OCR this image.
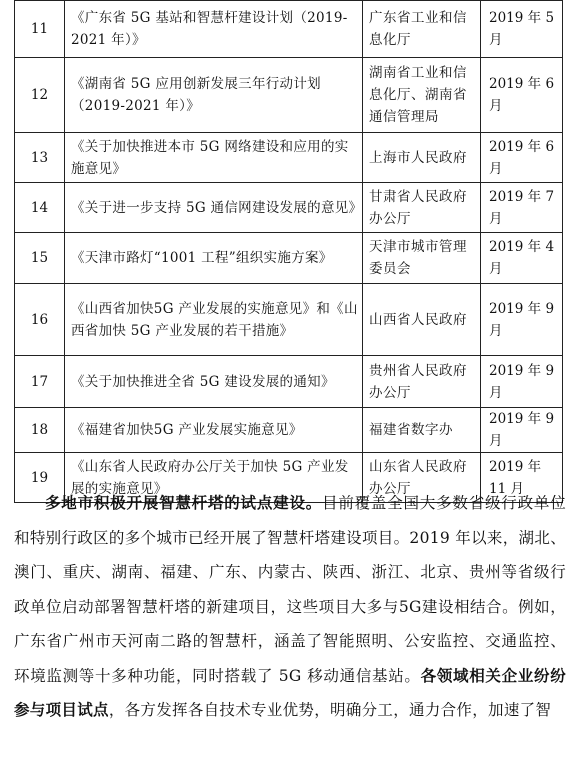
11	《广东省 5G 基站和智慧杆建设计划（2019-2021 年）》	广东省工业和信息化厅	2019 年 5 月
12	《湖南省 5G 应用创新发展三年行动计划（2019-2021 年）》	湖南省工业和信息化厅、湖南省通信管理局	2019 年 6 月
13	《关于加快推进本市 5G 网络建设和应用的实施意见》	上海市人民政府	2019 年 6 月
14	《关于进一步支持 5G 通信网建设发展的意见》	甘肃省人民政府办公厅	2019 年 7 月
15	《天津市路灯“1001 工程”组织实施方案》	天津市城市管理委员会	2019 年 4 月
16	《山西省加快5G 产业发展的实施意见》和《山西省加快 5G 产业发展的若干措施》	山西省人民政府	2019 年 9 月
17	《关于加快推进全省 5G 建设发展的通知》	贵州省人民政府办公厅	2019 年 9 月
18	《福建省加快5G 产业发展实施意见》	福建省数字办	2019 年 9 月
19	《山东省人民政府办公厅关于加快 5G 产业发展的实施意见》	山东省人民政府办公厅	2019 年 11 月

多地市积极开展智慧杆塔的试点建设。目前覆盖全国大多数省级行政单位和特别行政区的多个城市已经开展了智慧杆塔建设项目。2019 年以来，湖北、澳门、重庆、湖南、福建、广东、内蒙古、陕西、浙江、北京、贵州等省级行政单位启动部署智慧杆塔的新建项目，这些项目大多与5G建设相结合。例如，广东省广州市天河南二路的智慧杆，涵盖了智能照明、公安监控、交通监控、环境监测等十多种功能，同时搭载了 5G 移动通信基站。各领域相关企业纷纷参与项目试点，各方发挥各自技术专业优势，明确分工，通力合作，加速了智
